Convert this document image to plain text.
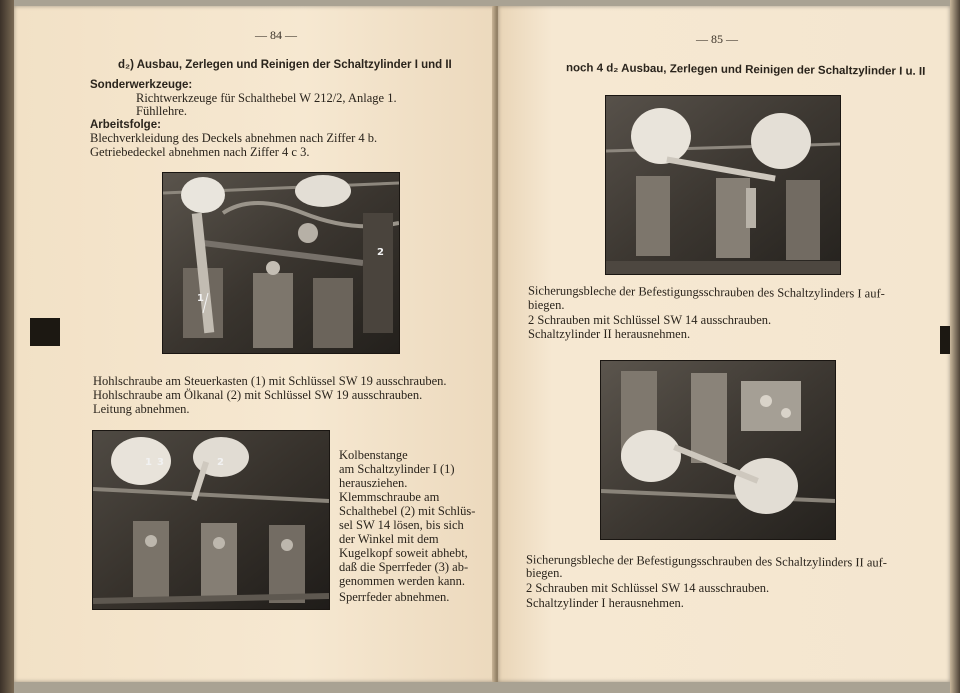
— 84 —
d₂) Ausbau, Zerlegen und Reinigen der Schaltzylinder I und II
Sonderwerkzeuge:
Richtwerkzeuge für Schalthebel W 212/2, Anlage 1.
Fühllehre.
Arbeitsfolge:
Blechverkleidung des Deckels abnehmen nach Ziffer 4 b.
Getriebedeckel abnehmen nach Ziffer 4 c 3.
1
2
Hohlschraube am Steuerkasten (1) mit Schlüssel SW 19 ausschrauben.
Hohlschraube am Ölkanal (2) mit Schlüssel SW 19 ausschrauben.
Leitung abnehmen.
1 3	2
Kolbenstange
am Schaltzylinder I (1)
herausziehen.
Klemmschraube am
Schalthebel (2) mit Schlüs-
sel SW 14 lösen, bis sich
der Winkel mit dem
Kugelkopf soweit abhebt,
daß die Sperrfeder (3) ab-
genommen werden kann.
Sperrfeder abnehmen.
— 85 —
noch 4 d₂ Ausbau, Zerlegen und Reinigen der Schaltzylinder I u. II
Sicherungsbleche der Befestigungsschrauben des Schaltzylinders I auf-
biegen.
2 Schrauben mit Schlüssel SW 14 ausschrauben.
Schaltzylinder II herausnehmen.
Sicherungsbleche der Befestigungsschrauben des Schaltzylinders II auf-
biegen.
2 Schrauben mit Schlüssel SW 14 ausschrauben.
Schaltzylinder I herausnehmen.
